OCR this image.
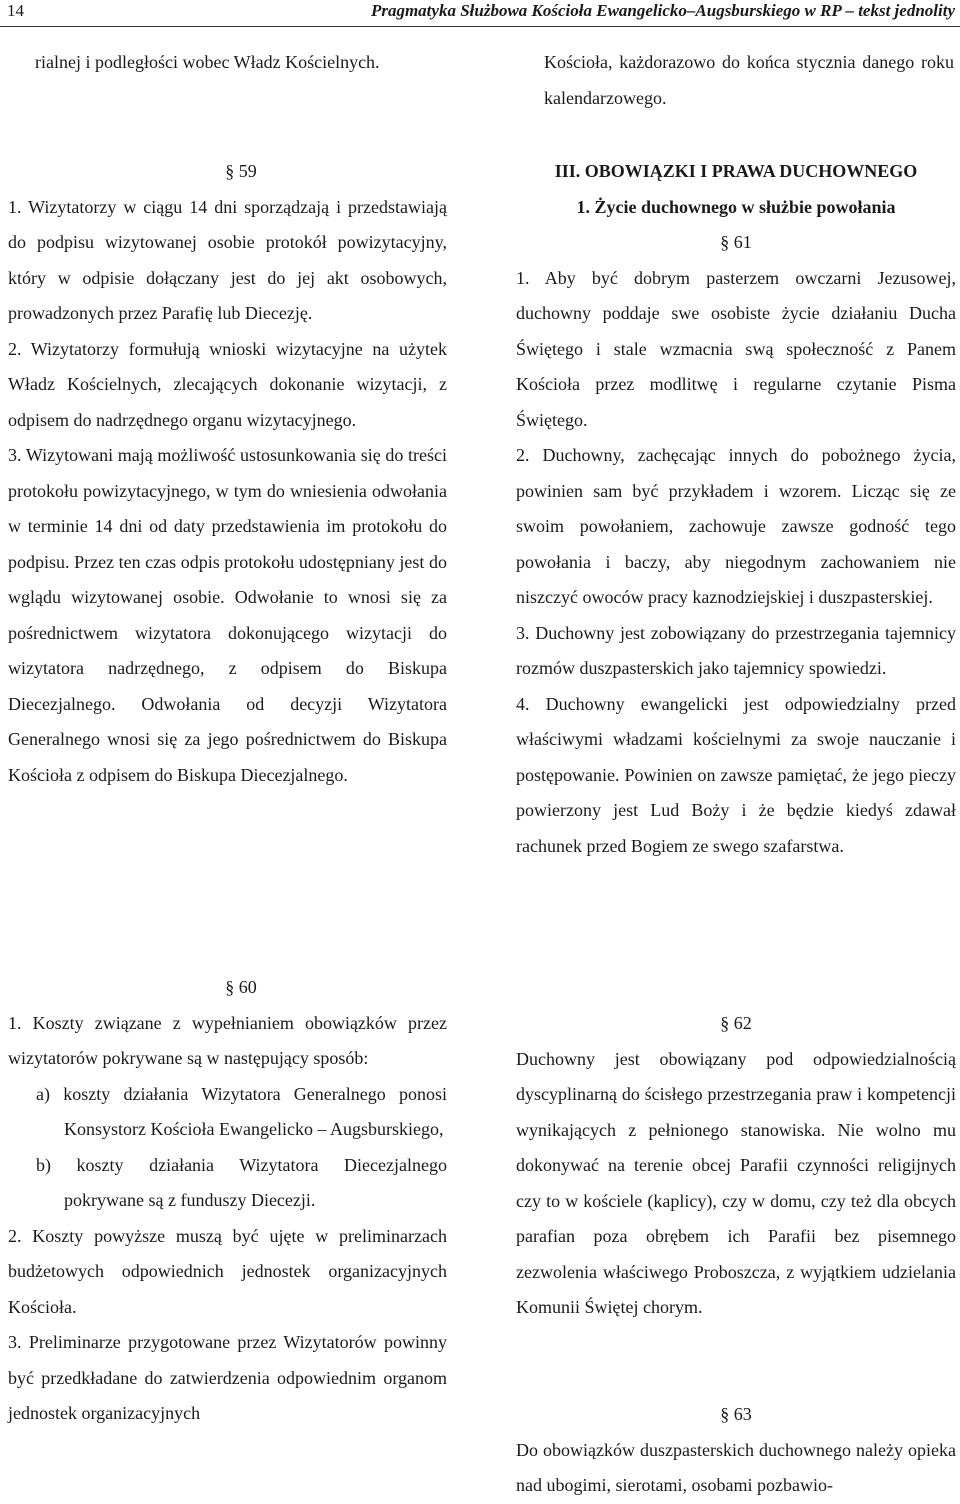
14	Pragmatyka Służbowa Kościoła Ewangelicko–Augsburskiego w RP – tekst jednolity

rialnej i podległości wobec Władz Kościelnych.

§ 59

1. Wizytatorzy w ciągu 14 dni sporządzają i przedstawiają do podpisu wizytowanej osobie protokół powizytacyjny, który w odpisie dołączany jest do jej akt osobowych, prowadzonych przez Parafię lub Diecezję.

2. Wizytatorzy formułują wnioski wizytacyjne na użytek Władz Kościelnych, zlecających dokonanie wizytacji, z odpisem do nadrzędnego organu wizytacyjnego.

3. Wizytowani mają możliwość ustosunkowania się do treści protokołu powizytacyjnego, w tym do wniesienia odwołania w terminie 14 dni od daty przedstawienia im protokołu do podpisu. Przez ten czas odpis protokołu udostępniany jest do wglądu wizytowanej osobie. Odwołanie to wnosi się za pośrednictwem wizytatora dokonującego wizytacji do wizytatora nadrzędnego, z odpisem do Biskupa Diecezjalnego. Odwołania od decyzji Wizytatora Generalnego wnosi się za jego pośrednictwem do Biskupa Kościoła z odpisem do Biskupa Diecezjalnego.

§ 60

1. Koszty związane z wypełnianiem obowiązków przez wizytatorów pokrywane są w następujący sposób:

a) koszty działania Wizytatora Generalnego ponosi Konsystorz Kościoła Ewangelicko – Augsburskiego,

b) koszty działania Wizytatora Diecezjalnego pokrywane są z funduszy Diecezji.

2. Koszty powyższe muszą być ujęte w preliminarzach budżetowych odpowiednich jednostek organizacyjnych Kościoła.

3. Preliminarze przygotowane przez Wizytatorów powinny być przedkładane do zatwierdzenia odpowiednim organom jednostek organizacyjnych

Kościoła, każdorazowo do końca stycznia danego roku kalendarzowego.

III. OBOWIĄZKI I PRAWA DUCHOWNEGO

1. Życie duchownego w służbie powołania

§ 61

1. Aby być dobrym pasterzem owczarni Jezusowej, duchowny poddaje swe osobiste życie działaniu Ducha Świętego i stale wzmacnia swą społeczność z Panem Kościoła przez modlitwę i regularne czytanie Pisma Świętego.

2. Duchowny, zachęcając innych do pobożnego życia, powinien sam być przykładem i wzorem. Licząc się ze swoim powołaniem, zachowuje zawsze godność tego powołania i baczy, aby niegodnym zachowaniem nie niszczyć owoców pracy kaznodziejskiej i duszpasterskiej.

3. Duchowny jest zobowiązany do przestrzegania tajemnicy rozmów duszpasterskich jako tajemnicy spowiedzi.

4. Duchowny ewangelicki jest odpowiedzialny przed właściwymi władzami kościelnymi za swoje nauczanie i postępowanie. Powinien on zawsze pamiętać, że jego pieczy powierzony jest Lud Boży i że będzie kiedyś zdawał rachunek przed Bogiem ze swego szafarstwa.

§ 62

Duchowny jest obowiązany pod odpowiedzialnością dyscyplinarną do ścisłego przestrzegania praw i kompetencji wynikających z pełnionego stanowiska. Nie wolno mu dokonywać na terenie obcej Parafii czynności religijnych czy to w kościele (kaplicy), czy w domu, czy też dla obcych parafian poza obrębem ich Parafii bez pisemnego zezwolenia właściwego Proboszcza, z wyjątkiem udzielania Komunii Świętej chorym.

§ 63

Do obowiązków duszpasterskich duchownego należy opieka nad ubogimi, sierotami, osobami pozbawio-
